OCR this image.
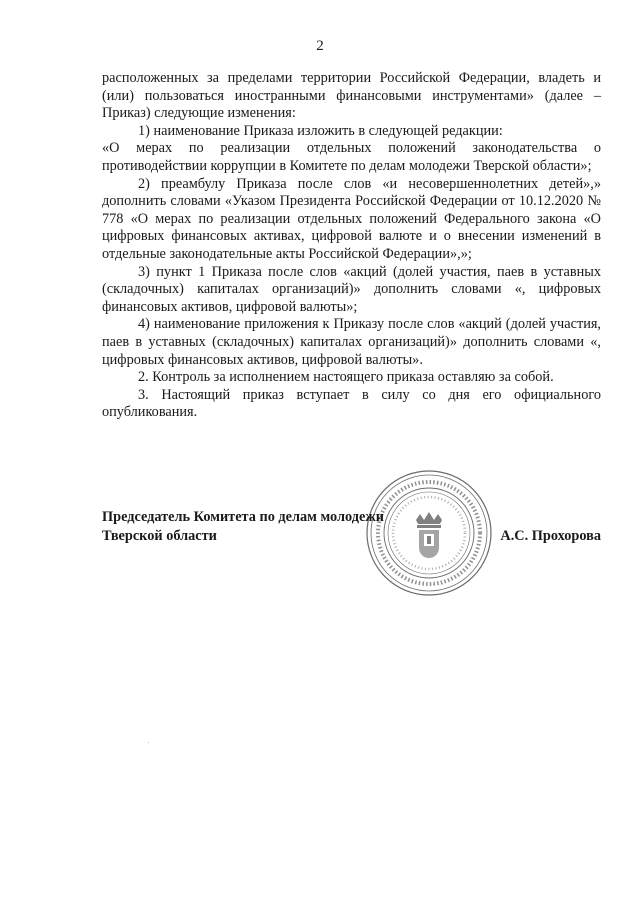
2

расположенных за пределами территории Российской Федерации, владеть и (или) пользоваться иностранными финансовыми инструментами» (далее – Приказ) следующие изменения:

1) наименование Приказа изложить в следующей редакции:

«О мерах по реализации отдельных положений законодательства о противодействии коррупции в Комитете по делам молодежи Тверской области»;

2) преамбулу Приказа после слов «и несовершеннолетних детей»,» дополнить словами «Указом Президента Российской Федерации от 10.12.2020 № 778 «О мерах по реализации отдельных положений Федерального закона «О цифровых финансовых активах, цифровой валюте и о внесении изменений в отдельные законодательные акты Российской Федерации»,»;

3) пункт 1 Приказа после слов «акций (долей участия, паев в уставных (складочных) капиталах организаций)» дополнить словами «, цифровых финансовых активов, цифровой валюты»;

4) наименование приложения к Приказу после слов «акций (долей участия, паев в уставных (складочных) капиталах организаций)» дополнить словами «, цифровых финансовых активов, цифровой валюты».

2. Контроль за исполнением настоящего приказа оставляю за собой.

3. Настоящий приказ вступает в силу со дня его официального опубликования.

Председатель Комитета по делам молодежи
Тверской области	А.С. Прохорова
